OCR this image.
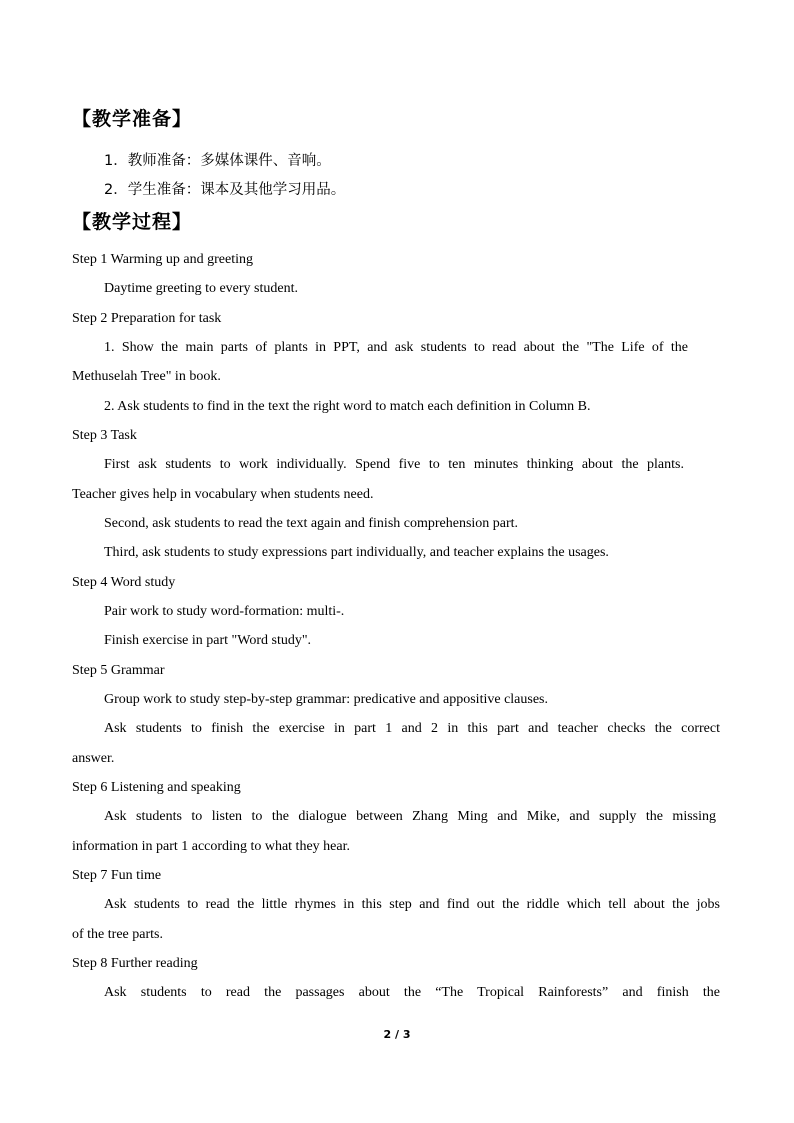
【教学准备】
1．教师准备：多媒体课件、音响。
2．学生准备：课本及其他学习用品。
【教学过程】
Step 1 Warming up and greeting
Daytime greeting to every student.
Step 2 Preparation for task
1. Show the main parts of plants in PPT, and ask students to read about the "The Life of the
Methuselah Tree" in book.
2. Ask students to find in the text the right word to match each definition in Column B.
Step 3 Task
First ask students to work individually. Spend five to ten minutes thinking about the plants.
Teacher gives help in vocabulary when students need.
Second, ask students to read the text again and finish comprehension part.
Third, ask students to study expressions part individually, and teacher explains the usages.
Step 4 Word study
Pair work to study word-formation: multi-.
Finish exercise in part "Word study".
Step 5 Grammar
Group work to study step-by-step grammar: predicative and appositive clauses.
Ask students to finish the exercise in part 1 and 2 in this part and teacher checks the correct
answer.
Step 6 Listening and speaking
Ask students to listen to the dialogue between Zhang Ming and Mike, and supply the missing
information in part 1 according to what they hear.
Step 7 Fun time
Ask students to read the little rhymes in this step and find out the riddle which tell about the jobs
of the tree parts.
Step 8 Further reading
Ask students to read the passages about the “The Tropical Rainforests” and finish the
2 / 3
